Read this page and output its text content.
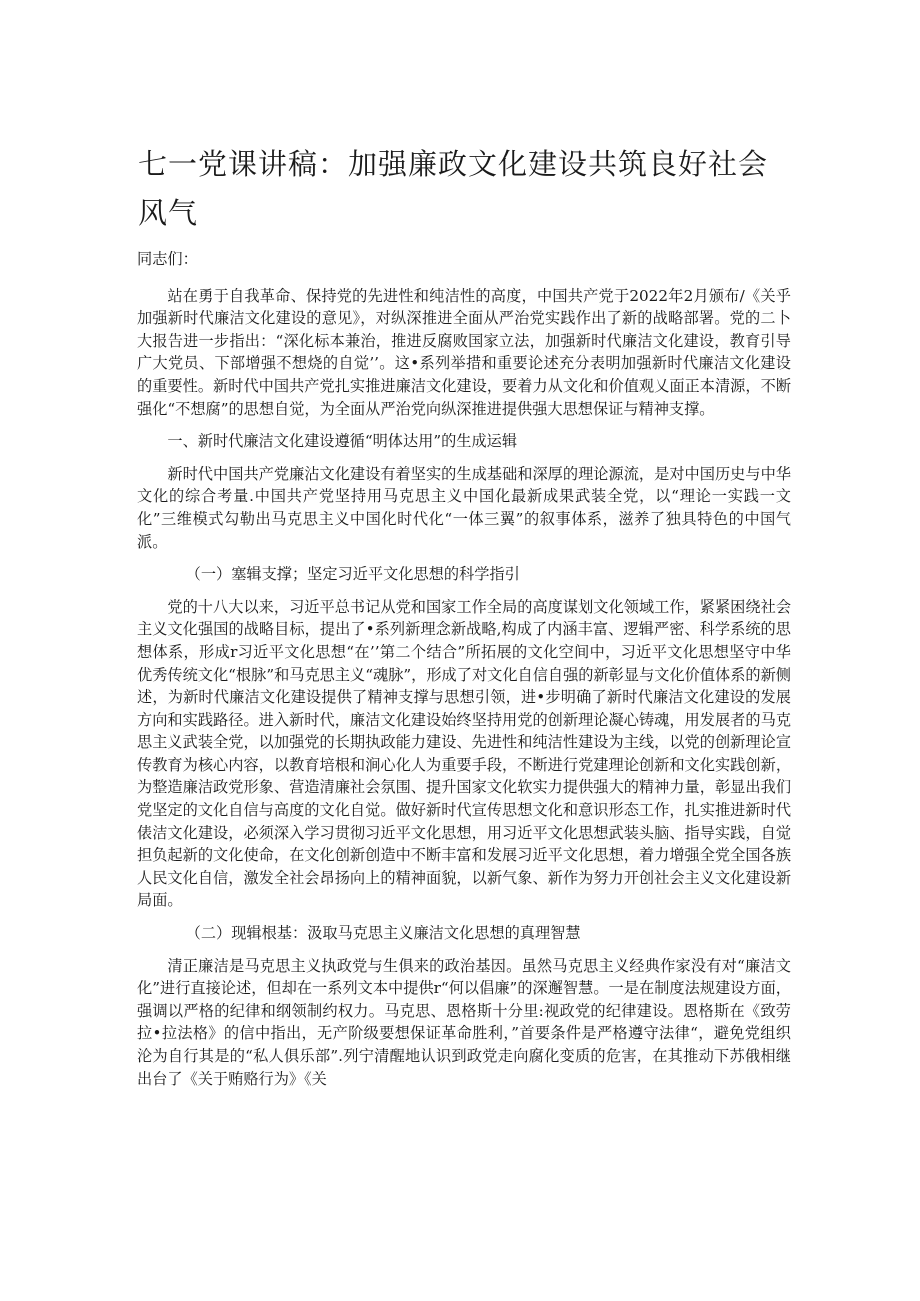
七一党课讲稿：加强廉政文化建设共筑良好社会风气

同志们：

站在勇于自我革命、保持党的先进性和纯洁性的高度，中国共产党于2022年2月颁布/《关乎加强新时代廉洁文化建设的意见》，对纵深推进全面从严治党实践作出了新的战略部署。党的二卜大报告进一步指出：“深化标本兼治，推进反腐败国家立法，加强新时代廉洁文化建设，教育引导广大党员、下部增强不想烧的自觉’’。这•系列举措和重要论述充分表明加强新时代廉洁文化建设的重要性。新时代中国共产党扎实推进廉洁文化建设，要着力从文化和价值观乂面正本清源，不断强化“不想腐”的思想自觉，为全面从严治党向纵深推进提供强大思想保证与精神支撑。

一、新时代廉洁文化建设遵循“明体达用”的生成运辑

新时代中国共产党廉沾文化建设有着坚实的生成基础和深厚的理论源流，是对中国历史与中华文化的综合考量.中国共产党坚持用马克思主义中国化最新成果武装全党，以“理论一实践一文化”三维模式勾勒出马克思主义中国化时代化“一体三翼”的叙事体系，滋养了独具特色的中国气派。

（一）塞辑支撑；坚定习近平文化思想的科学指引

党的十八大以来，习近平总书记从党和国家工作全局的高度谋划文化领域工作，紧紧困绕社会主义文化强国的战略目标，提出了•系列新理念新战略,构成了内涵丰富、逻辑严密、科学系统的思想体系，形成r习近平文化思想“在’’第二个结合”所拓展的文化空间中，习近平文化思想坚守中华优秀传统文化“根脉”和马克思主义“魂脉”，形成了对文化自信自强的新彰显与文化价值体系的新侧述，为新时代廉洁文化建设提供了精神支撑与思想引领，进•步明确了新时代廉洁文化建设的发展方向和实践路径。进入新时代，廉洁文化建设始终坚持用党的创新理论凝心铸魂，用发展者的马克思主义武装全党，以加强党的长期执政能力建设、先进性和纯洁性建设为主线，以党的创新理论宣传教育为核心内容，以教育培根和涧心化人为重要手段，不断进行党建理论创新和文化实践创新，为整造廉洁政党形象、营造清廉社会氛围、提升国家文化软实力提供强大的精神力量，彰显出我们党坚定的文化自信与高度的文化自觉。做好新时代宣传思想文化和意识形态工作，扎实推进新时代俵洁文化建设，必须深入学习贯彻习近平文化思想，用习近平文化思想武装头脑、指导实践，自觉担负起新的文化使命，在文化创新创造中不断丰富和发展习近平文化思想，着力增强全党全国各族人民文化自信，激发全社会昂扬向上的精神面貌，以新气象、新作为努力开创社会主义文化建设新局面。

（二）现辑根基：汲取马克思主义廉洁文化思想的真理智慧

清正廉洁是马克思主义执政党与生俱来的政治基因。虽然马克思主义经典作家没有对“廉洁文化”进行直接论述，但却在一系列文本中提供r“何以倡廉”的深邂智慧。一是在制度法规建设方面，强调以严格的纪律和纲领制约权力。马克思、恩格斯十分里:视政党的纪律建设。恩格斯在《致劳拉•拉法格》的信中指出，无产阶级要想保证革命胜利，”首要条件是严格遵守法律“，避免党组织沦为自行其是的“私人俱乐部”.列宁清醒地认识到政党走向腐化变质的危害，在其推动下苏俄相继出台了《关于贿赂行为》《关
